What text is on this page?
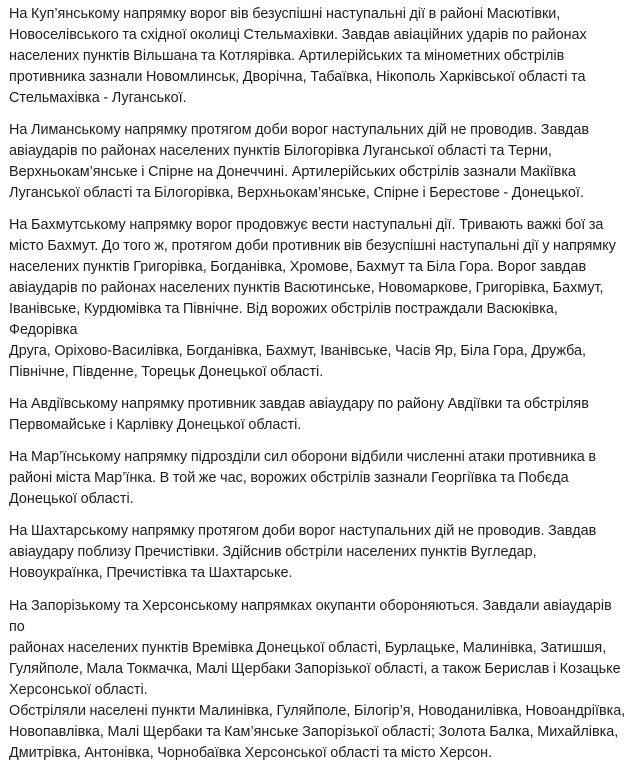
На Куп’янському напрямку ворог вів безуспішні наступальні дії в районі Масютівки,
Новоселівського та східної околиці Стельмахівки. Завдав авіаційних ударів по районах
населених пунктів Вільшана та Котлярівка. Артилерійських та мінометних обстрілів
противника зазнали Новомлинськ, Дворічна, Табаївка, Нікополь Харківської області та
Стельмахівка - Луганської.

На Лиманському напрямку протягом доби ворог наступальних дій не проводив. Завдав
авіаударів по районах населених пунктів Білогорівка Луганської області та Терни,
Верхньокам’янське і Спірне на Донеччині. Артилерійських обстрілів зазнали Макіївка
Луганської області та Білогорівка, Верхньокам’янське, Спірне і Берестове - Донецької.

На Бахмутському напрямку ворог продовжує вести наступальні дії. Тривають важкі бої за
місто Бахмут. До того ж, протягом доби противник вів безуспішні наступальні дії у напрямку
населених пунктів Григорівка, Богданівка, Хромове, Бахмут та Біла Гора. Ворог завдав
авіаударів по районах населених пунктів Васютинське, Новомаркове, Григорівка, Бахмут,
Іванівське, Курдюмівка та Північне. Від ворожих обстрілів постраждали Васюківка, Федорівка
Друга, Оріхово-Василівка, Богданівка, Бахмут, Іванівське, Часів Яр, Біла Гора, Дружба,
Північне, Південне, Торецьк Донецької області.

На Авдіївському напрямку противник завдав авіаудару по району Авдіївки та обстріляв
Первомайське і Карлівку Донецької області.

На Мар’їнському напрямку підрозділи сил оборони відбили численні атаки противника в
районі міста Мар’їнка. В той же час, ворожих обстрілів зазнали Георгіївка та Побєда
Донецької області.

На Шахтарському напрямку протягом доби ворог наступальних дій не проводив. Завдав
авіаудару поблизу Пречистівки. Здійснив обстріли населених пунктів Вугледар,
Новоукраїнка, Пречистівка та Шахтарське.

На Запорізькому та Херсонському напрямках окупанти обороняються. Завдали авіаударів по
районах населених пунктів Времівка Донецької області, Бурлацьке, Малинівка, Затишшя,
Гуляйполе, Мала Токмачка, Малі Щербаки Запорізької області, а також Берислав і Козацьке
Херсонської області.
Обстріляли населені пункти Малинівка, Гуляйполе, Білогір’я, Новоданилівка, Новоандріївка,
Новопавлівка, Малі Щербаки та Кам’янське Запорізької області; Золота Балка, Михайлівка,
Дмитрівка, Антонівка, Чорнобаївка Херсонської області та місто Херсон.
